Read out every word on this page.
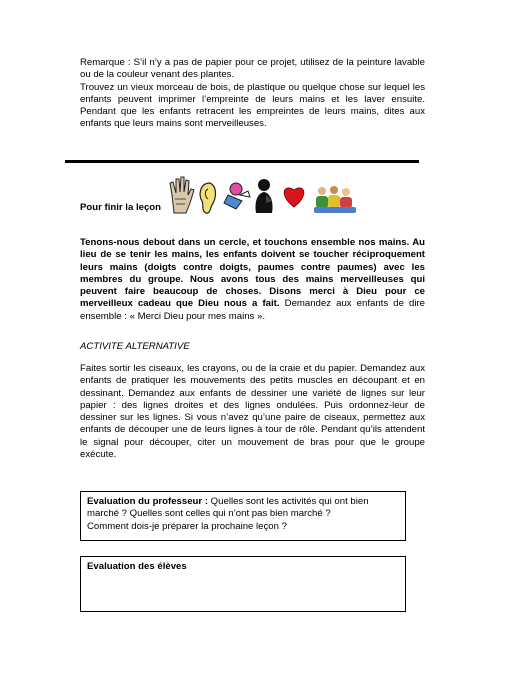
Remarque : S’il n’y a pas de papier pour ce projet, utilisez de la peinture lavable ou de la couleur venant des plantes.

Trouvez un vieux morceau de bois, de plastique ou quelque chose sur lequel les enfants peuvent imprimer l’empreinte de leurs mains et les laver ensuite. Pendant que les enfants retracent les empreintes de leurs mains, dites aux enfants que leurs mains sont merveilleuses.

Pour finir la leçon

Tenons-nous debout dans un cercle, et touchons ensemble nos mains. Au lieu de se tenir les mains, les enfants doivent se toucher réciproquement leurs mains (doigts contre doigts, paumes contre paumes) avec les membres du groupe. Nous avons tous des mains merveilleuses qui peuvent faire beaucoup de choses. Disons merci à Dieu pour ce merveilleux cadeau que Dieu nous a fait. Demandez aux enfants de dire ensemble : « Merci Dieu pour mes mains ».

ACTIVITE ALTERNATIVE

Faites sortir les ciseaux, les crayons, ou de la craie et du papier. Demandez aux enfants de pratiquer les mouvements des petits muscles en découpant et en dessinant. Demandez aux enfants de dessiner une variété de lignes sur leur papier : des lignes droites et des lignes ondulées. Puis ordonnez-leur de dessiner sur les lignes. Si vous n’avez qu’une paire de ciseaux, permettez aux enfants de découper une de leurs lignes à tour de rôle. Pendant qu’ils attendent le signal pour découper, citer un mouvement de bras pour que le groupe exécute.

Evaluation du professeur : Quelles sont les activités qui ont bien marché ? Quelles sont celles qui n’ont pas bien marché ?
Comment dois-je préparer la prochaine leçon ?
Evaluation des élèves
